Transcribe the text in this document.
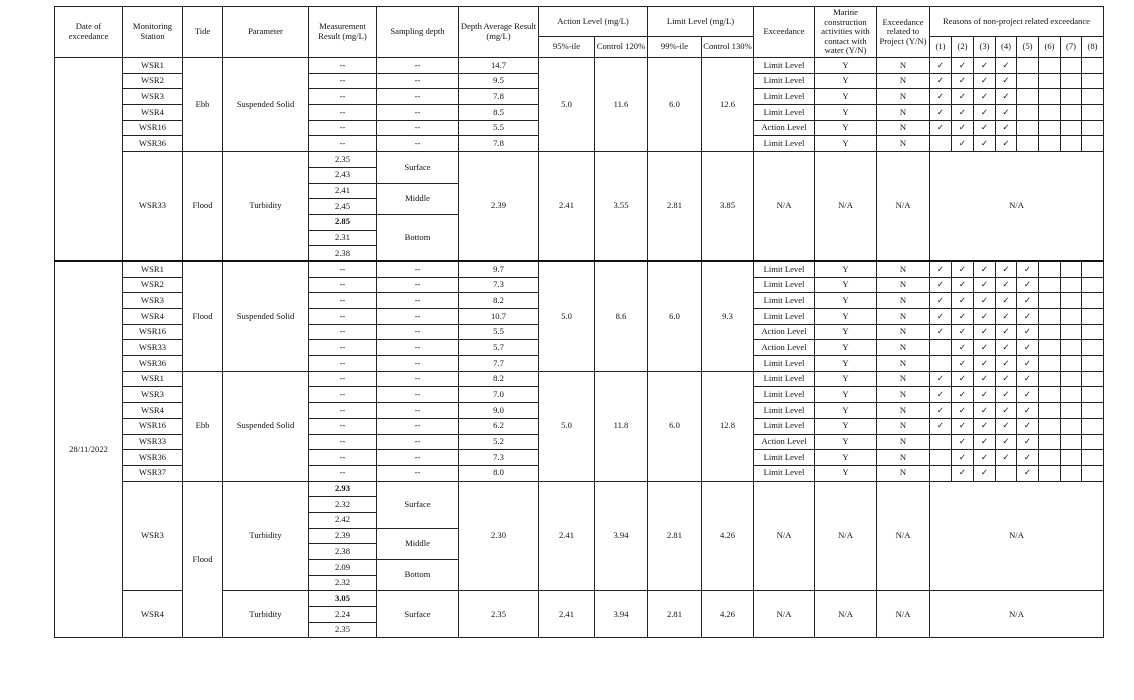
Date of exceedance	Monitoring Station	Tide	Parameter	Measurement Result (mg/L)	Sampling depth	Depth Average Result (mg/L)	Action Level (mg/L)		Limit Level (mg/L)		Exceedance	Marine construction activities with contact with water (Y/N)	Exceedance related to Project (Y/N)	Reasons of non-project related exceedance							
							95%-ile	Control 120%	99%-ile	Control 130%				(1)	(2)	(3)	(4)	(5)	(6)	(7)	(8)
	WSR1	Ebb	Suspended Solid	--	--	14.7	5.0	11.6	6.0	12.6	Limit Level	Y	N	✓	✓	✓	✓				
	WSR2			--	--	9.5					Limit Level	Y	N	✓	✓	✓	✓				
	WSR3			--	--	7.8					Limit Level	Y	N	✓	✓	✓	✓				
	WSR4			--	--	8.5					Limit Level	Y	N	✓	✓	✓	✓				
	WSR16			--	--	5.5					Action Level	Y	N	✓	✓	✓	✓				
	WSR36			--	--	7.8					Limit Level	Y	N		✓	✓	✓				
	WSR33	Flood	Turbidity	2.35	Surface	2.39	2.41	3.55	2.81	3.85	N/A	N/A	N/A	N/A							
				2.43																	
				2.41	Middle																
				2.45																	
				2.85	Bottom																
				2.31																	
				2.38																	
28/11/2022	WSR1	Flood	Suspended Solid	--	--	9.7	5.0	8.6	6.0	9.3	Limit Level	Y	N	✓	✓	✓	✓	✓			
	WSR2			--	--	7.3					Limit Level	Y	N	✓	✓	✓	✓	✓			
	WSR3			--	--	8.2					Limit Level	Y	N	✓	✓	✓	✓	✓			
	WSR4			--	--	10.7					Limit Level	Y	N	✓	✓	✓	✓	✓			
	WSR16			--	--	5.5					Action Level	Y	N	✓	✓	✓	✓	✓			
	WSR33			--	--	5.7					Action Level	Y	N		✓	✓	✓	✓			
	WSR36			--	--	7.7					Limit Level	Y	N		✓	✓	✓	✓			
	WSR1	Ebb	Suspended Solid	--	--	8.2	5.0	11.8	6.0	12.8	Limit Level	Y	N	✓	✓	✓	✓	✓			
	WSR3			--	--	7.0					Limit Level	Y	N	✓	✓	✓	✓	✓			
	WSR4			--	--	9.0					Limit Level	Y	N	✓	✓	✓	✓	✓			
	WSR16			--	--	6.2					Limit Level	Y	N	✓	✓	✓	✓	✓			
	WSR33			--	--	5.2					Action Level	Y	N		✓	✓	✓	✓			
	WSR36			--	--	7.3					Limit Level	Y	N		✓	✓	✓	✓			
	WSR37			--	--	8.0					Limit Level	Y	N		✓	✓		✓			
	WSR3	Flood	Turbidity	2.93	Surface	2.30	2.41	3.94	2.81	4.26	N/A	N/A	N/A	N/A							
				2.32																	
				2.42																	
				2.39	Middle																
				2.38																	
				2.09	Bottom																
				2.32																	
	WSR4		Turbidity	3.05	Surface	2.35	2.41	3.94	2.81	4.26	N/A	N/A	N/A	N/A							
				2.24																	
				2.35																	
